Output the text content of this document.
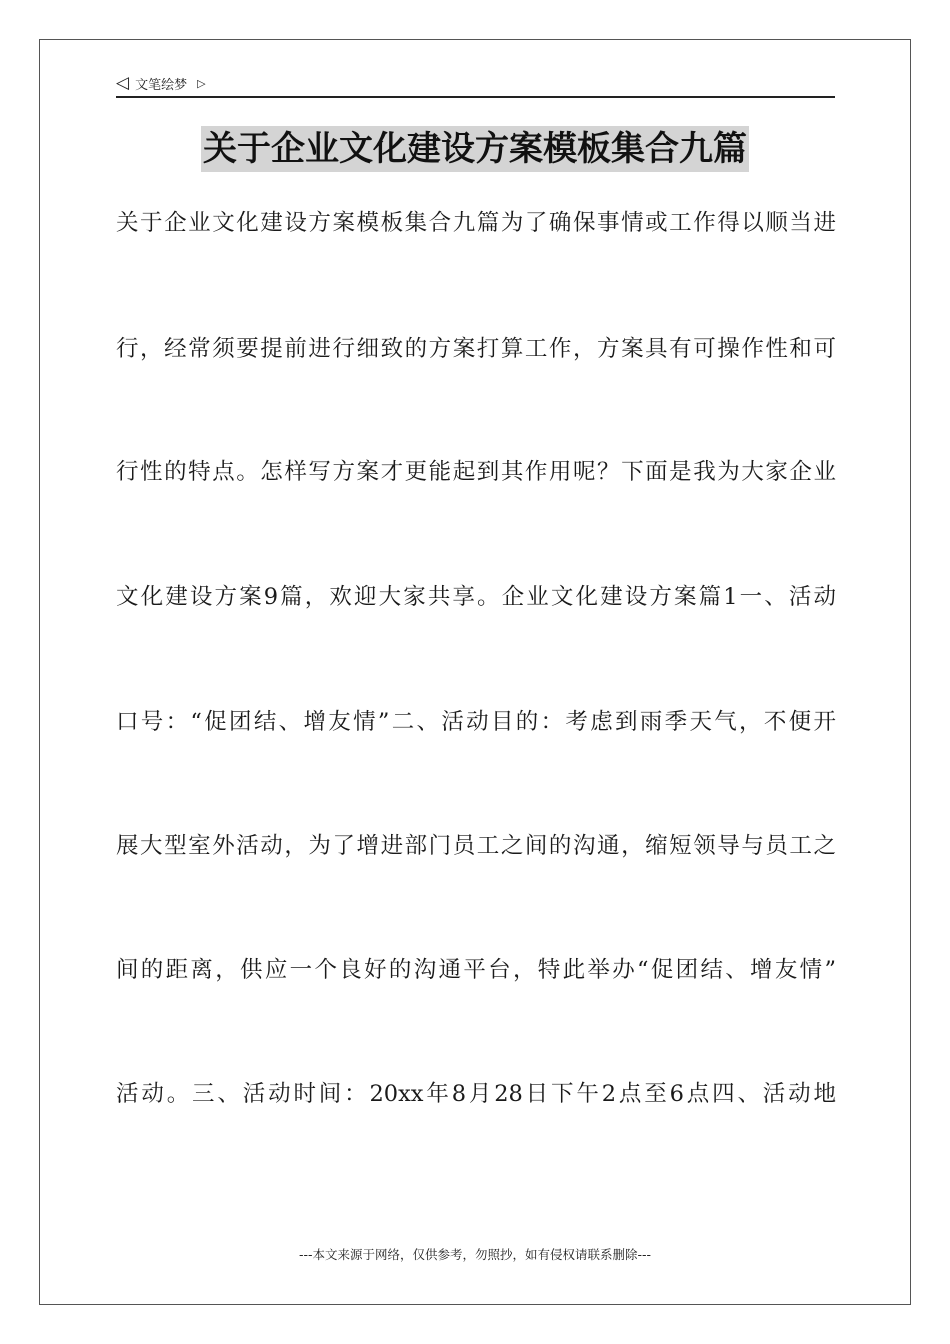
◁ 文笔绘梦 ▷
关于企业文化建设方案模板集合九篇
关于企业文化建设方案模板集合九篇为了确保事情或工作得以顺当进
行，经常须要提前进行细致的方案打算工作，方案具有可操作性和可
行性的特点。怎样写方案才更能起到其作用呢？下面是我为大家企业
文化建设方案9篇，欢迎大家共享。企业文化建设方案篇1一、活动
口号：“促团结、增友情”二、活动目的：考虑到雨季天气，不便开
展大型室外活动，为了增进部门员工之间的沟通，缩短领导与员工之
间的距离，供应一个良好的沟通平台，特此举办“促团结、增友情”
活动。三、活动时间：20xx年8月28日下午2点至6点四、活动地
---本文来源于网络，仅供参考，勿照抄，如有侵权请联系删除---
